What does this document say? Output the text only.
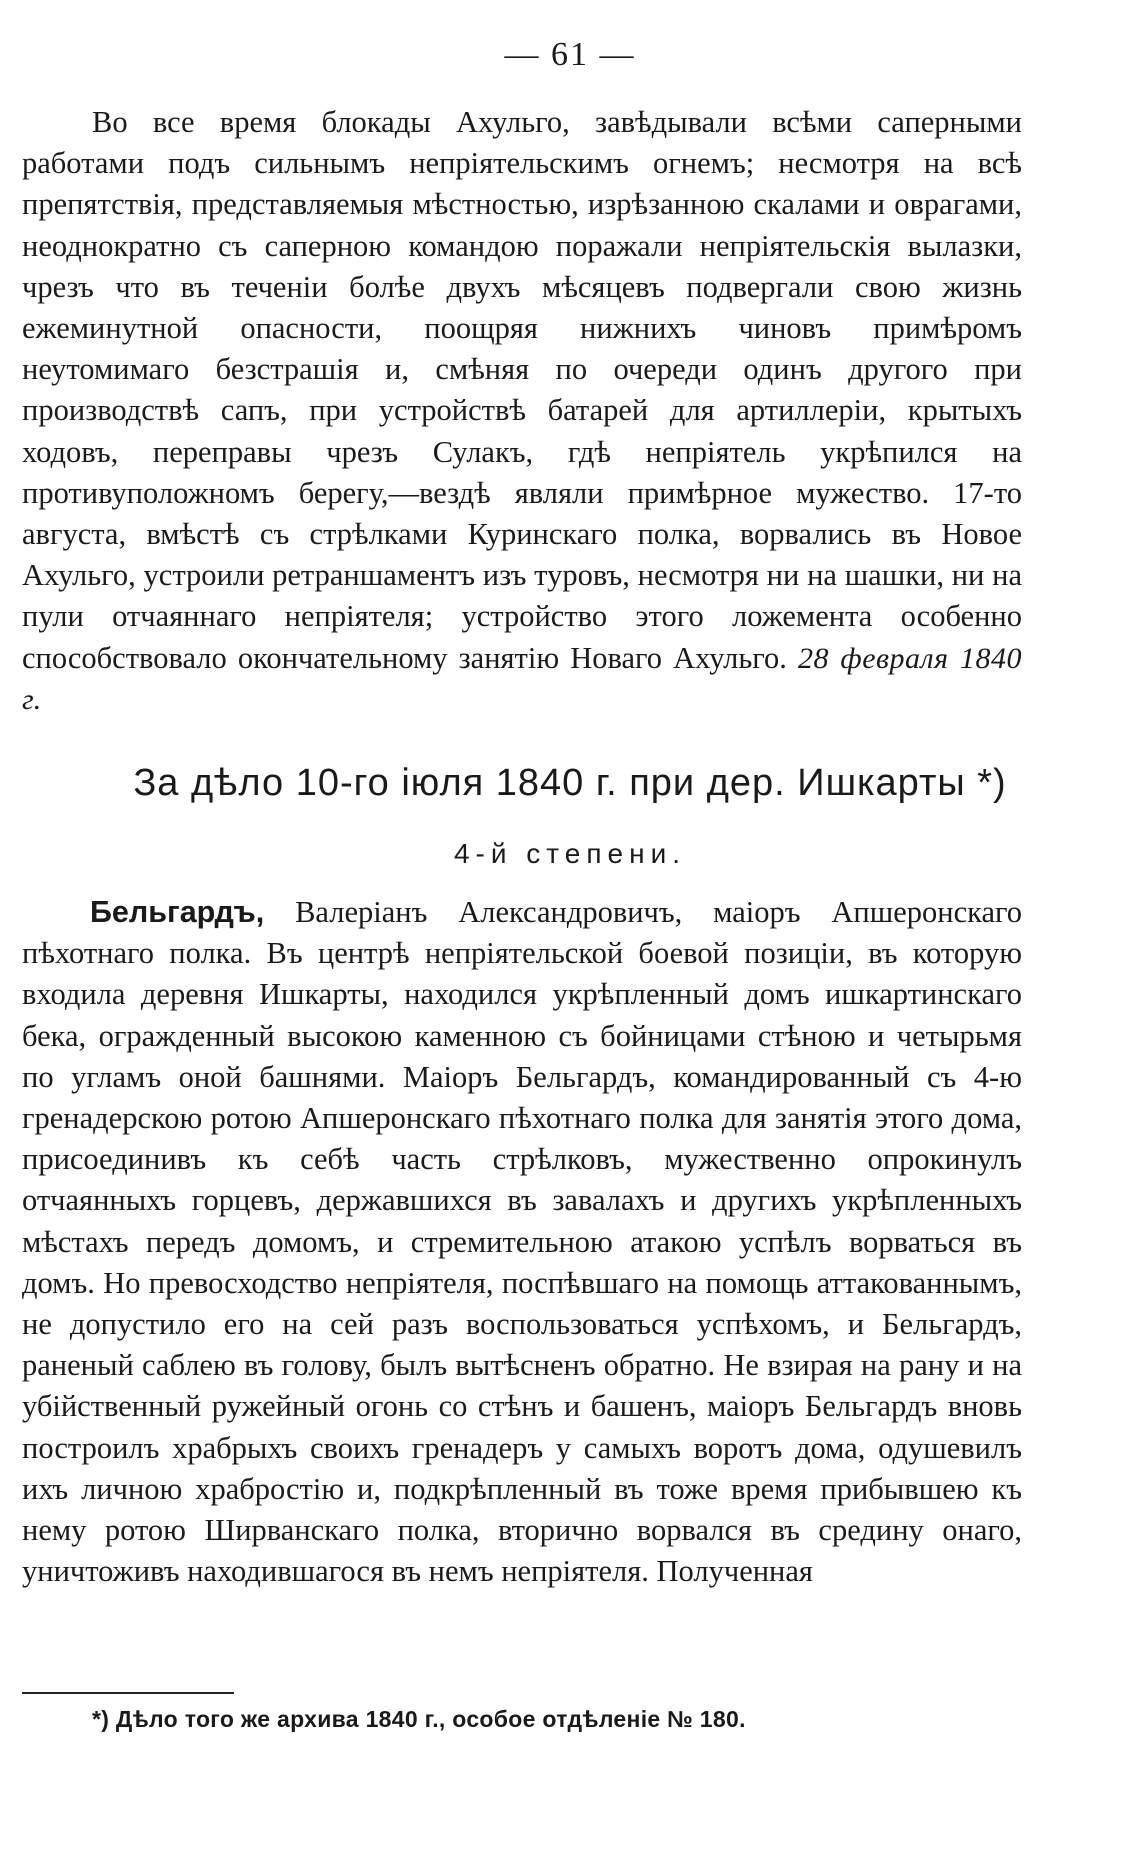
— 61 —

Во все время блокады Ахульго, завѣдывали всѣми саперными работами подъ сильнымъ непріятельскимъ огнемъ; несмотря на всѣ препятствія, представляемыя мѣстностью, изрѣзанною скалами и оврагами, неоднократно съ саперною командою поражали непріятельскія вылазки, чрезъ что въ теченіи болѣе двухъ мѣсяцевъ подвергали свою жизнь ежеминутной опасности, поощряя нижнихъ чиновъ примѣромъ неутомимаго безстрашія и, смѣняя по очереди одинъ другого при производствѣ сапъ, при устройствѣ батарей для артиллеріи, крытыхъ ходовъ, переправы чрезъ Сулакъ, гдѣ непріятель укрѣпился на противуположномъ берегу,—вездѣ являли примѣрное мужество. 17-то августа, вмѣстѣ съ стрѣлками Куринскаго полка, ворвались въ Новое Ахульго, устроили ретраншаментъ изъ туровъ, несмотря ни на шашки, ни на пули отчаяннаго непріятеля; устройство этого ложемента особенно способствовало окончательному занятію Новаго Ахульго. 28 февраля 1840 г.

За дѣло 10-го іюля 1840 г. при дер. Ишкарты *)
4-й степени.

Бельгардъ, Валеріанъ Александровичъ, маіоръ Апшеронскаго пѣхотнаго полка. Въ центрѣ непріятельской боевой позиціи, въ которую входила деревня Ишкарты, находился укрѣпленный домъ ишкартинскаго бека, огражденный высокою каменною съ бойницами стѣною и четырьмя по угламъ оной башнями. Маіоръ Бельгардъ, командированный съ 4-ю гренадерскою ротою Апшеронскаго пѣхотнаго полка для занятія этого дома, присоединивъ къ себѣ часть стрѣлковъ, мужественно опрокинулъ отчаянныхъ горцевъ, державшихся въ завалахъ и другихъ укрѣпленныхъ мѣстахъ передъ домомъ, и стремительною атакою успѣлъ ворваться въ домъ. Но превосходство непріятеля, поспѣвшаго на помощь аттакованнымъ, не допустило его на сей разъ воспользоваться успѣхомъ, и Бельгардъ, раненый саблею въ голову, былъ вытѣсненъ обратно. Не взирая на рану и на убійственный ружейный огонь со стѣнъ и башенъ, маіоръ Бельгардъ вновь построилъ храбрыхъ своихъ гренадеръ у самыхъ воротъ дома, одушевилъ ихъ личною храбростію и, подкрѣпленный въ тоже время прибывшею къ нему ротою Ширванскаго полка, вторично ворвался въ средину онаго, уничтоживъ находившагося въ немъ непріятеля. Полученная

*) Дѣло того же архива 1840 г., особое отдѣленіе № 180.
